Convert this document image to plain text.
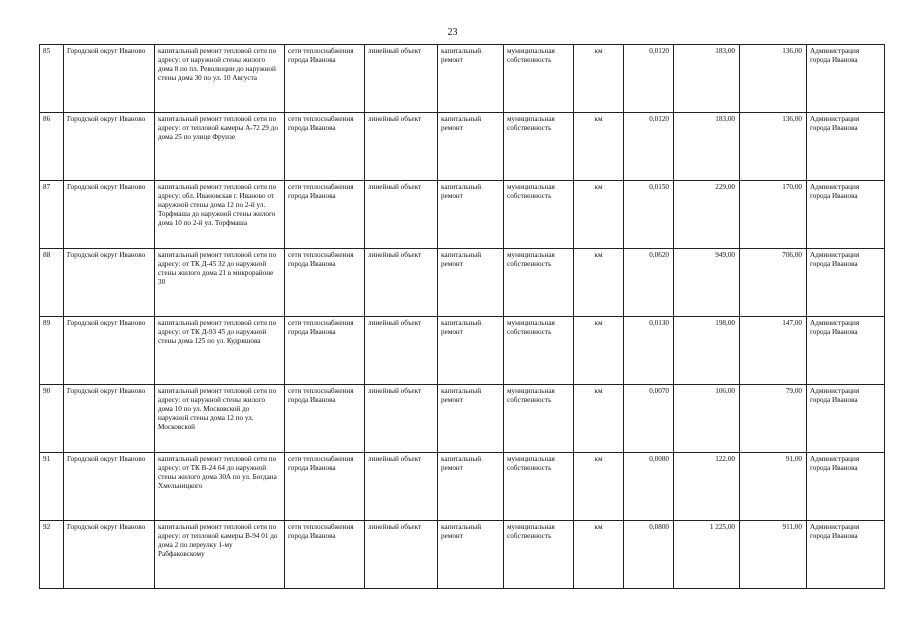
23
85	Городской округ Иваново	капитальный ремонт тепловой сети по адресу: от наружной стены жилого дома 8 по пл. Революции до наружной стены дома 30 по ул. 10 Августа	сети теплоснабжения города Иванова	линейный объект	капитальный ремонт	муниципальная собственность	км	0,0120	183,00	136,00	Администрация города Иванова
86	Городской округ Иваново	капитальный ремонт тепловой сети по адресу: от тепловой камеры А-72 29 до дома 25 по улице Фрунзе	сети теплоснабжения города Иванова	линейный объект	капитальный ремонт	муниципальная собственность	км	0,0120	183,00	136,00	Администрация города Иванова
87	Городской округ Иваново	капитальный ремонт тепловой сети по адресу: обл. Ивановская г. Иваново от наружной стены дома 12 по 2-й ул. Торфмаша до наружной стены жилого дома 10 по 2-й ул. Торфмаша	сети теплоснабжения города Иванова	линейный объект	капитальный ремонт	муниципальная собственность	км	0,0150	229,00	170,00	Администрация города Иванова
88	Городской округ Иваново	капитальный ремонт тепловой сети по адресу: от ТК Д-45 32 до наружной стены жилого дома 21 в микрорайоне 30	сети теплоснабжения города Иванова	линейный объект	капитальный ремонт	муниципальная собственность	км	0,0620	949,00	706,00	Администрация города Иванова
89	Городской округ Иваново	капитальный ремонт тепловой сети по адресу: от ТК Д-93 45 до наружной стены дома 125 по ул. Кудряшова	сети теплоснабжения города Иванова	линейный объект	капитальный ремонт	муниципальная собственность	км	0,0130	198,00	147,00	Администрация города Иванова
90	Городской округ Иваново	капитальный ремонт тепловой сети по адресу: от наружной стены жилого дома 10 по ул. Московской до наружной стены дома 12 по ул. Московской	сети теплоснабжения города Иванова	линейный объект	капитальный ремонт	муниципальная собственность	км	0,0070	106,00	79,00	Администрация города Иванова
91	Городской округ Иваново	капитальный ремонт тепловой сети по адресу: от ТК В-24 64 до наружной стены жилого дома 30А по ул. Богдана Хмельницкого	сети теплоснабжения города Иванова	линейный объект	капитальный ремонт	муниципальная собственность	км	0,0080	122,00	91,00	Администрация города Иванова
92	Городской округ Иваново	капитальный ремонт тепловой сети по адресу: от тепловой камеры В-94 01 до дома 2 по переулку 1-му Рабфаковскому	сети теплоснабжения города Иванова	линейный объект	капитальный ремонт	муниципальная собственность	км	0,0800	1 225,00	911,00	Администрация города Иванова
